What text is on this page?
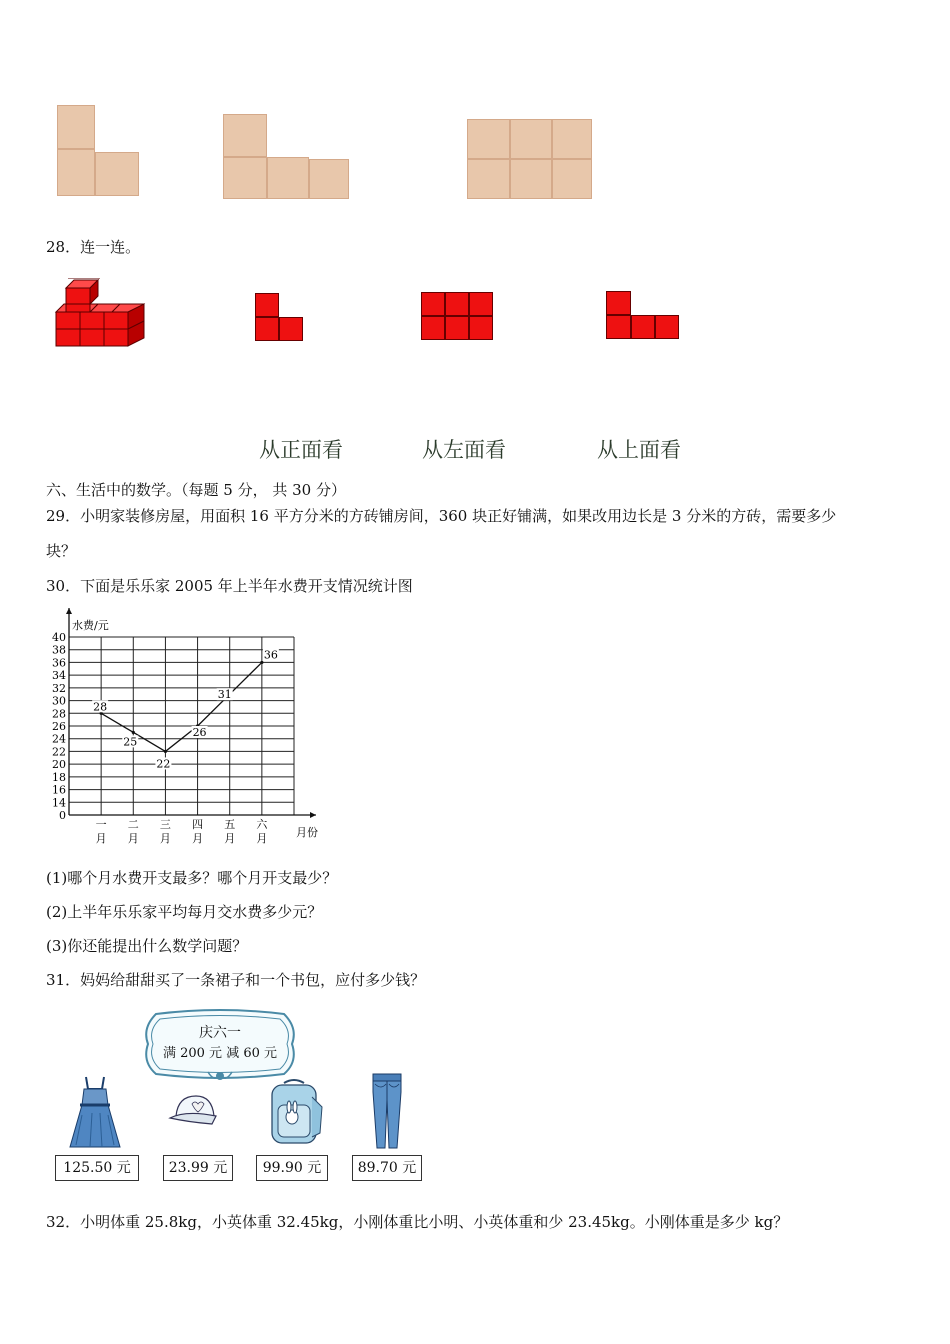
28．连一连。
从正面看	从左面看	从上面看
六、生活中的数学。（每题 5 分， 共 30 分）
29．小明家装修房屋，用面积 16 平方分米的方砖铺房间，360 块正好铺满，如果改用边长是 3 分米的方砖，需要多少
块？
30．下面是乐乐家 2005 年上半年水费开支情况统计图
0
14
16
18
20
22
24
26
28
30
32
34
36
38
40
水费/元
月份
一
月
二
月
三
月
四
月
五
月
六
月
28
25
22
26
31
36
(1)哪个月水费开支最多？哪个月开支最少？
(2)上半年乐乐家平均每月交水费多少元？
(3)你还能提出什么数学问题？
31．妈妈给甜甜买了一条裙子和一个书包，应付多少钱？
庆六一
满 200 元 减 60 元
125.50 元	23.99 元	99.90 元	89.70 元
32．小明体重 25.8kg，小英体重 32.45kg，小刚体重比小明、小英体重和少 23.45kg。小刚体重是多少 kg？
